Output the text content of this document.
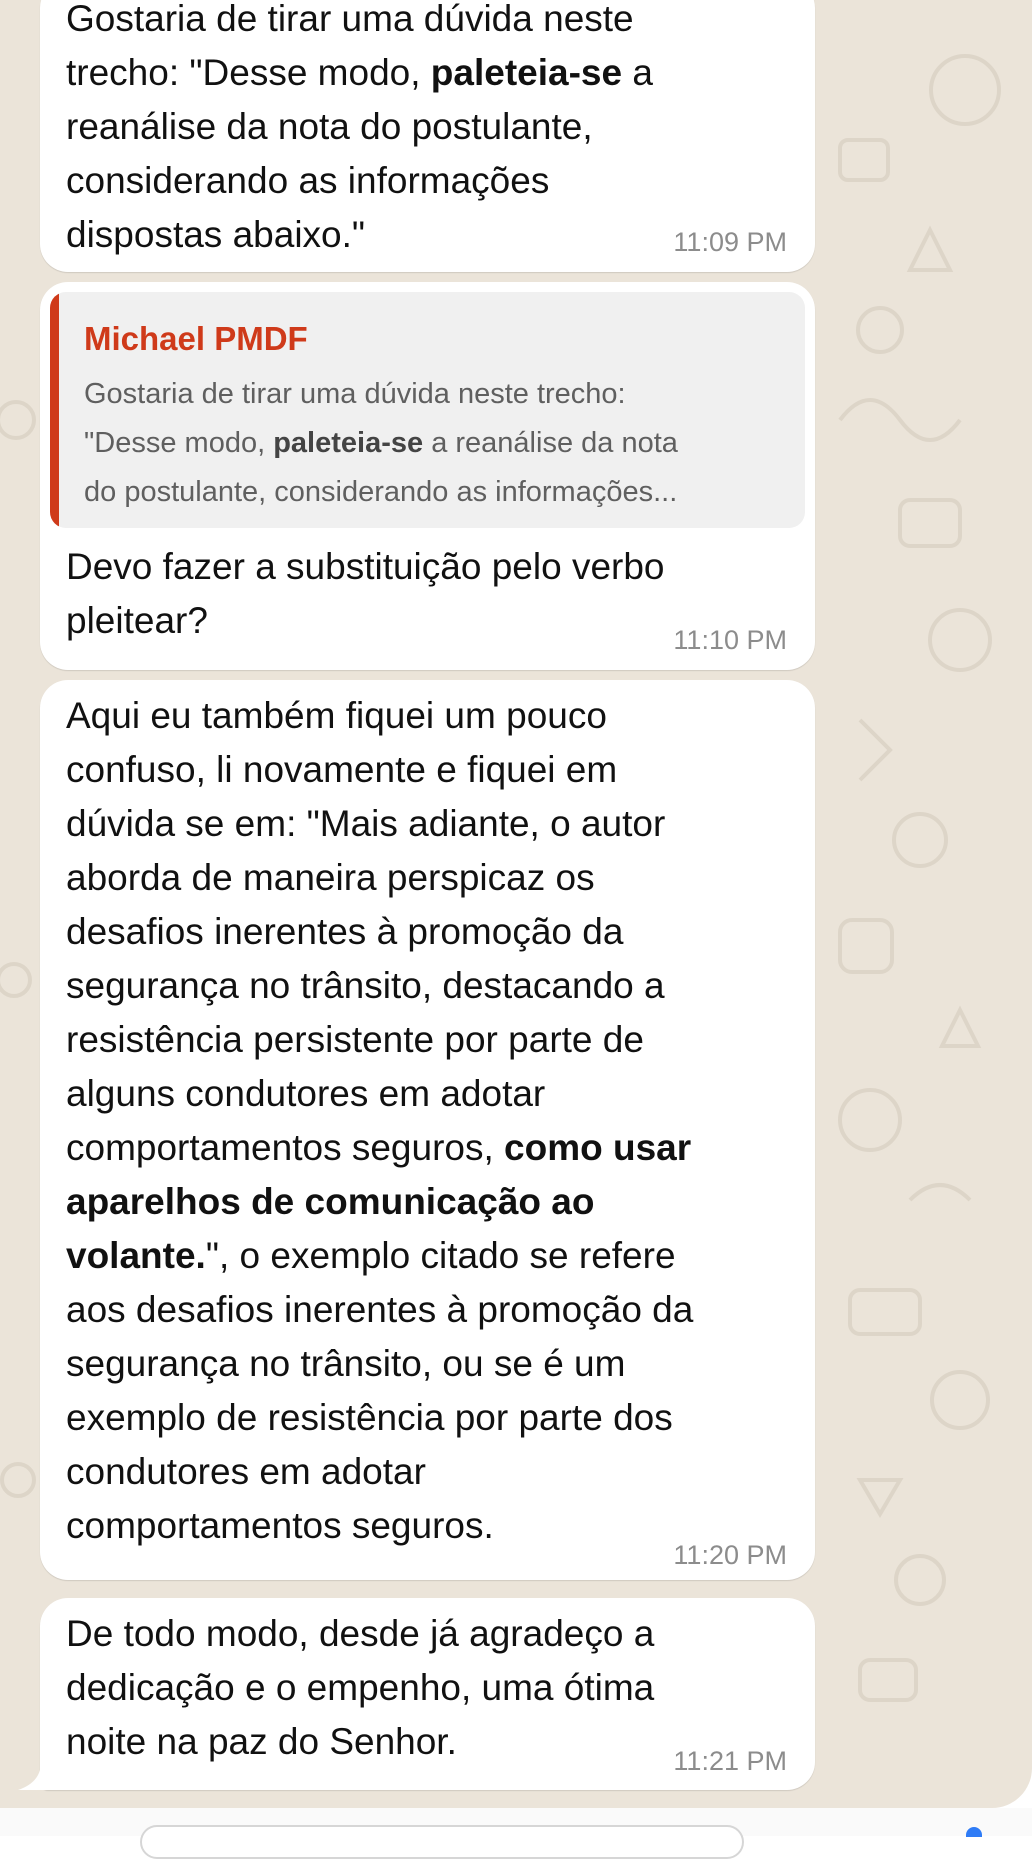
Gostaria de tirar uma dúvida neste
trecho: "Desse modo, paleteia-se a
reanálise da nota do postulante,
considerando as informações
dispostas abaixo."	11:09 PM
Michael PMDF
Gostaria de tirar uma dúvida neste trecho:
"Desse modo, paleteia-se a reanálise da nota
do postulante, considerando as informações...

Devo fazer a substituição pelo verbo
pleitear?	11:10 PM

Aqui eu também fiquei um pouco
confuso, li novamente e fiquei em
dúvida se em: "Mais adiante, o autor
aborda de maneira perspicaz os
desafios inerentes à promoção da
segurança no trânsito, destacando a
resistência persistente por parte de
alguns condutores em adotar
comportamentos seguros, como usar
aparelhos de comunicação ao
volante.", o exemplo citado se refere
aos desafios inerentes à promoção da
segurança no trânsito, ou se é um
exemplo de resistência por parte dos
condutores em adotar
comportamentos seguros.

11:20 PM

De todo modo, desde já agradeço a
dedicação e o empenho, uma ótima
noite na paz do Senhor.	11:21 PM
